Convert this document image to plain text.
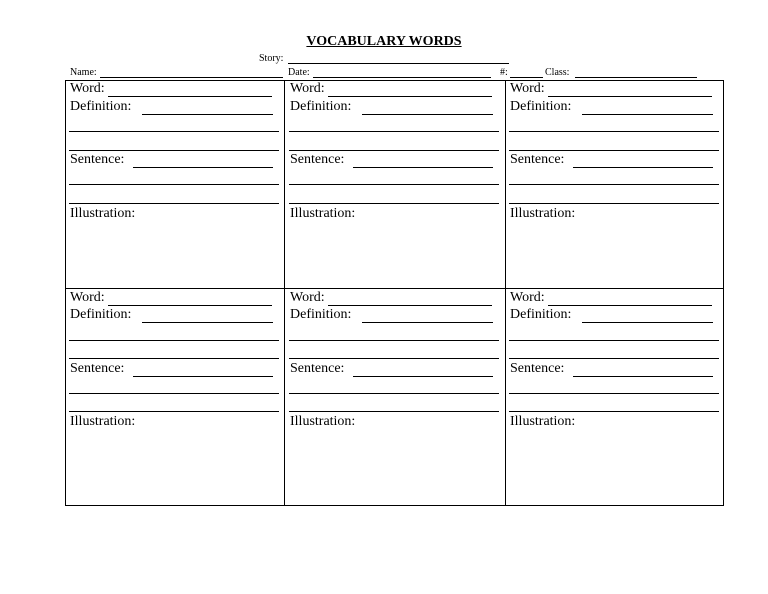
VOCABULARY WORDS
Story:
Name:	Date:	#:	Class:
Word:
Definition:
Sentence:
Illustration:
Word:
Definition:
Sentence:
Illustration:
Word:
Definition:
Sentence:
Illustration:
Word:
Definition:
Sentence:
Illustration:
Word:
Definition:
Sentence:
Illustration:
Word:
Definition:
Sentence:
Illustration:
